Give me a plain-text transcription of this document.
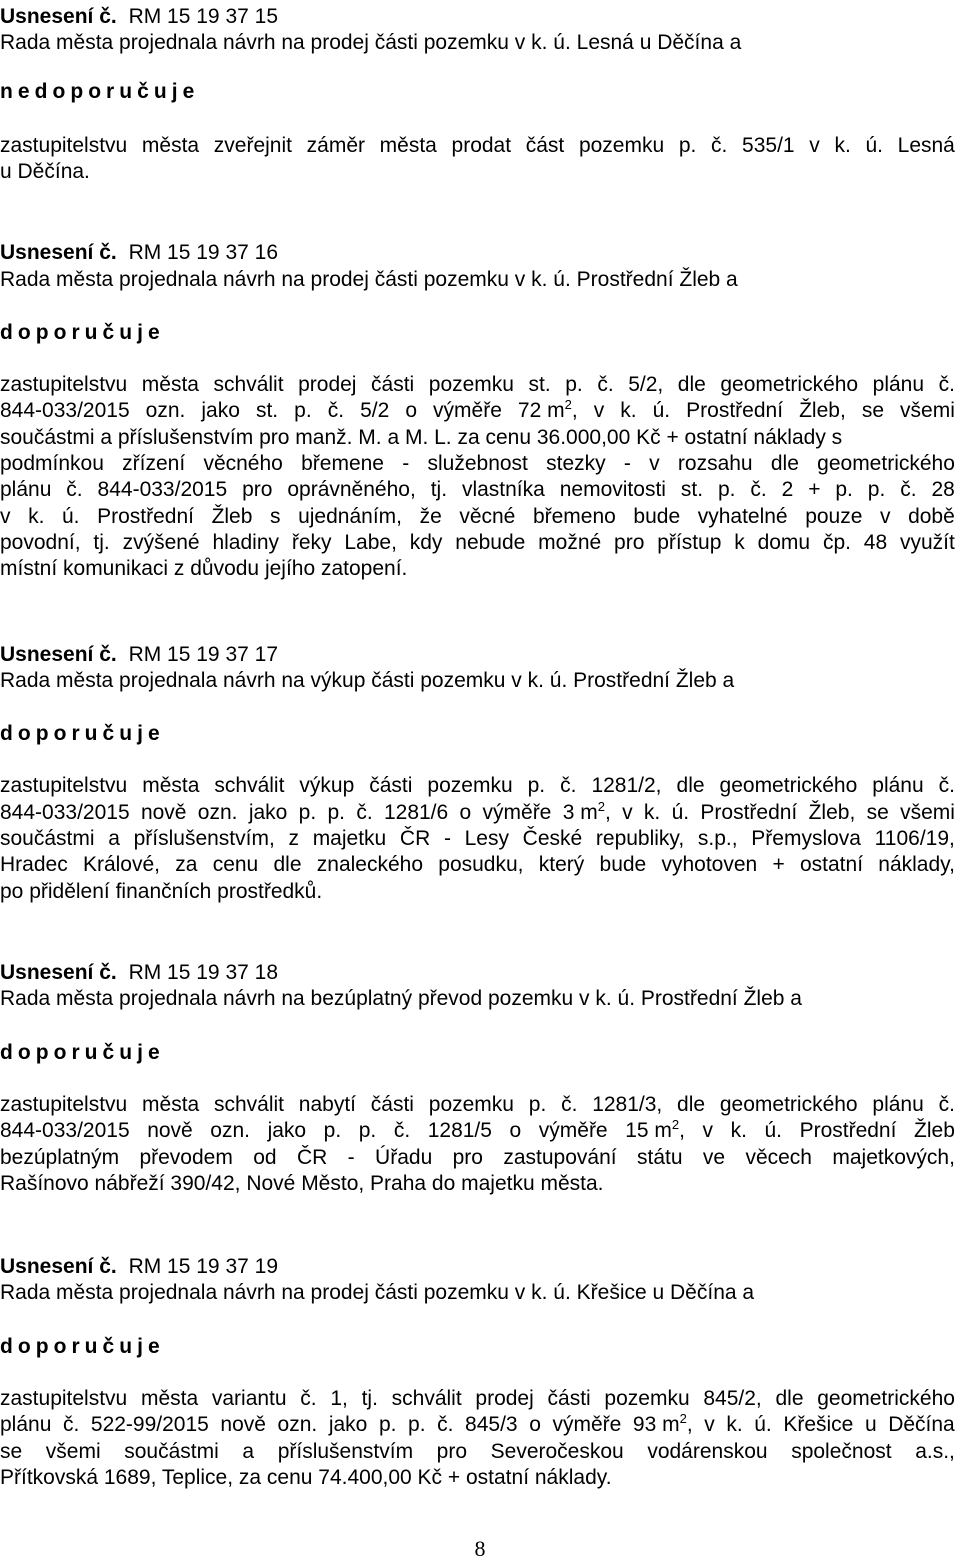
Usnesení č. RM 15 19 37 15
Rada města projednala návrh na prodej části pozemku v k. ú. Lesná u Děčína a
nedoporučuje
zastupitelstvu města zveřejnit záměr města prodat část pozemku p. č. 535/1 v k. ú. Lesná
u Děčína.
Usnesení č. RM 15 19 37 16
Rada města projednala návrh na prodej části pozemku v k. ú. Prostřední Žleb a
doporučuje
zastupitelstvu města schválit prodej části pozemku st. p. č. 5/2, dle geometrického plánu č.
844-033/2015 ozn. jako st. p. č. 5/2 o výměře 72 $m^2$, v k. ú. Prostřední Žleb, se všemi
součástmi a příslušenstvím pro manž. M. a M. L. za cenu 36.000,00 Kč + ostatní náklady s
podmínkou zřízení věcného břemene - služebnost stezky - v rozsahu dle geometrického
plánu č. 844-033/2015 pro oprávněného, tj. vlastníka nemovitosti st. p. č. 2 + p. p. č. 28
v k. ú. Prostřední Žleb s ujednáním, že věcné břemeno bude vyhatelné pouze v době
povodní, tj. zvýšené hladiny řeky Labe, kdy nebude možné pro přístup k domu čp. 48 využít
místní komunikaci z důvodu jejího zatopení.
Usnesení č. RM 15 19 37 17
Rada města projednala návrh na výkup části pozemku v k. ú. Prostřední Žleb a
doporučuje
zastupitelstvu města schválit výkup části pozemku p. č. 1281/2, dle geometrického plánu č.
844-033/2015 nově ozn. jako p. p. č. 1281/6 o výměře 3 $m^2$, v k. ú. Prostřední Žleb, se všemi
součástmi a příslušenstvím, z majetku ČR - Lesy České republiky, s.p., Přemyslova 1106/19,
Hradec Králové, za cenu dle znaleckého posudku, který bude vyhotoven + ostatní náklady,
po přidělení finančních prostředků.
Usnesení č. RM 15 19 37 18
Rada města projednala návrh na bezúplatný převod pozemku v k. ú. Prostřední Žleb a
doporučuje
zastupitelstvu města schválit nabytí části pozemku p. č. 1281/3, dle geometrického plánu č.
844-033/2015 nově ozn. jako p. p. č. 1281/5 o výměře 15 $m^2$, v k. ú. Prostřední Žleb
bezúplatným převodem od ČR - Úřadu pro zastupování státu ve věcech majetkových,
Rašínovo nábřeží 390/42, Nové Město, Praha do majetku města.
Usnesení č. RM 15 19 37 19
Rada města projednala návrh na prodej části pozemku v k. ú. Křešice u Děčína a
doporučuje
zastupitelstvu města variantu č. 1, tj. schválit prodej části pozemku 845/2, dle geometrického
plánu č. 522-99/2015 nově ozn. jako p. p. č. 845/3 o výměře 93 $m^2$, v k. ú. Křešice u Děčína
se všemi součástmi a příslušenstvím pro Severočeskou vodárenskou společnost a.s.,
Přítkovská 1689, Teplice, za cenu 74.400,00 Kč + ostatní náklady.
8
